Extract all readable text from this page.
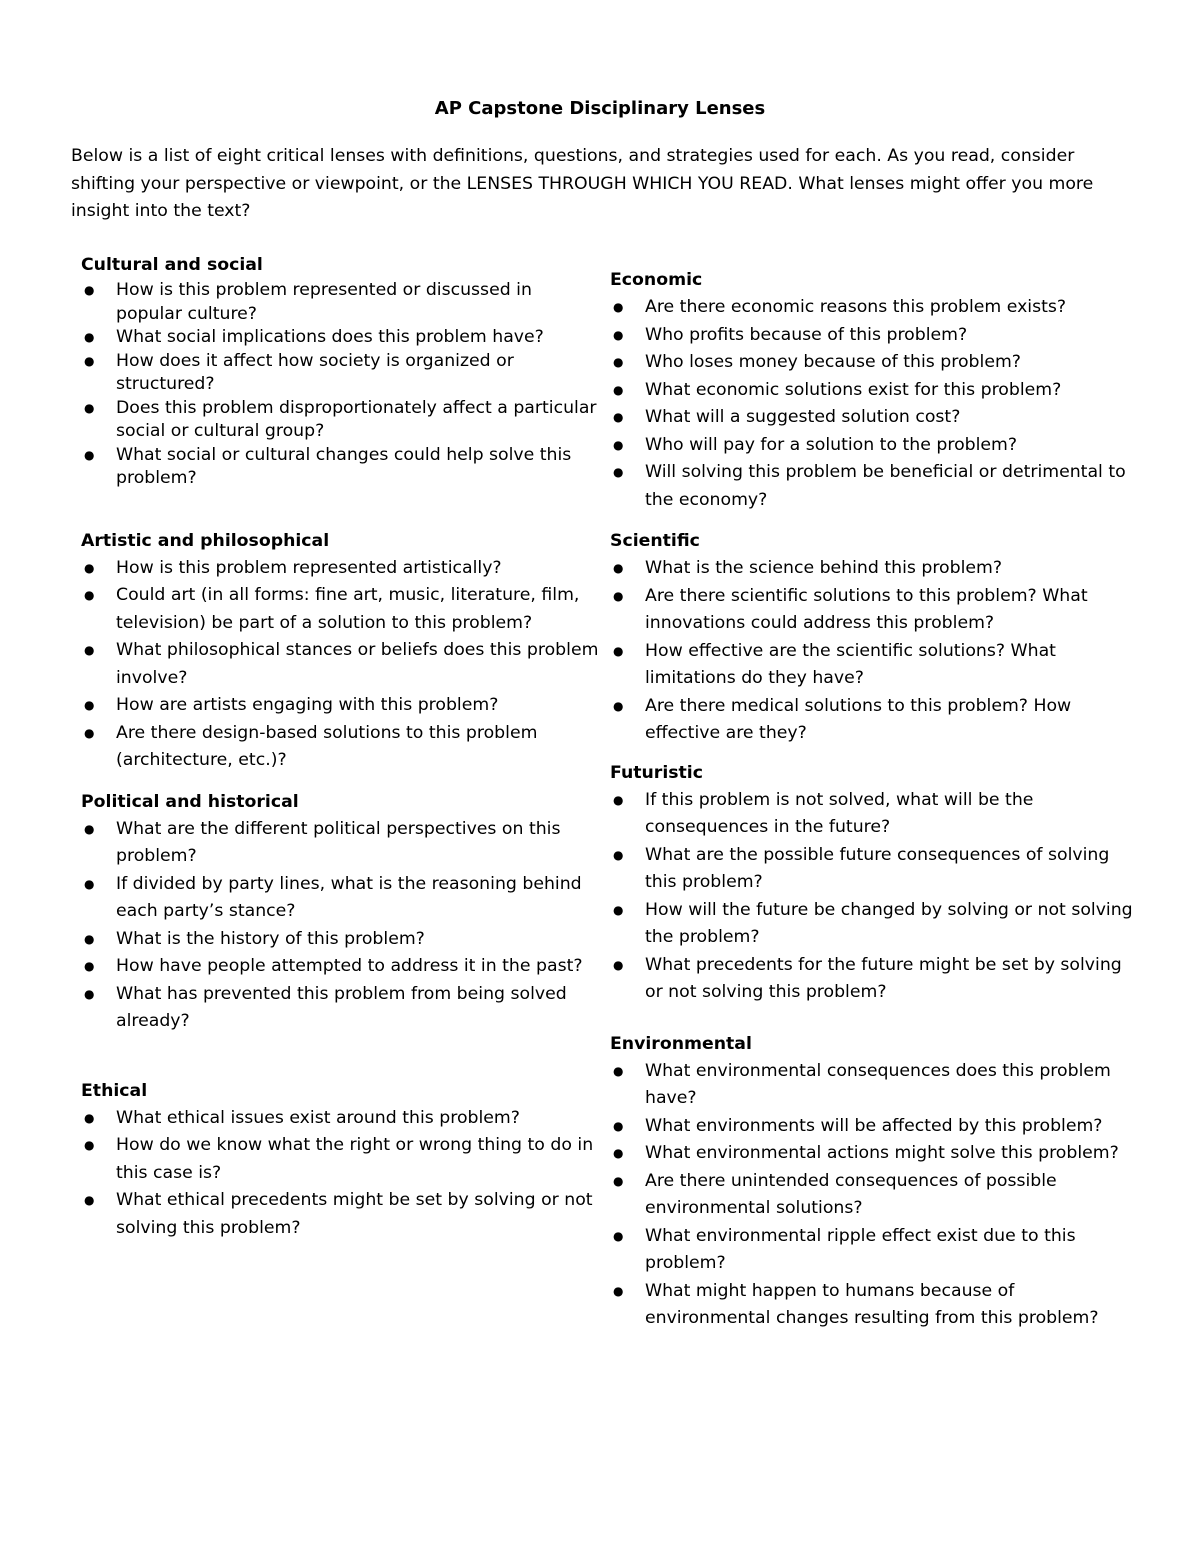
AP Capstone Disciplinary Lenses
Below is a list of eight critical lenses with definitions, questions, and strategies used for each. As you read, consider shifting your perspective or viewpoint, or the LENSES THROUGH WHICH YOU READ. What lenses might offer you more insight into the text?
Cultural and social
● How is this problem represented or discussed in popular culture?
● What social implications does this problem have?
● How does it affect how society is organized or structured?
● Does this problem disproportionately affect a particular social or cultural group?
● What social or cultural changes could help solve this problem?
Artistic and philosophical
● How is this problem represented artistically?
● Could art (in all forms: fine art, music, literature, film, television) be part of a solution to this problem?
● What philosophical stances or beliefs does this problem involve?
● How are artists engaging with this problem?
● Are there design-based solutions to this problem (architecture, etc.)?
Political and historical
● What are the different political perspectives on this problem?
● If divided by party lines, what is the reasoning behind each party’s stance?
● What is the history of this problem?
● How have people attempted to address it in the past?
● What has prevented this problem from being solved already?
Ethical
● What ethical issues exist around this problem?
● How do we know what the right or wrong thing to do in this case is?
● What ethical precedents might be set by solving or not solving this problem?
Economic
● Are there economic reasons this problem exists?
● Who profits because of this problem?
● Who loses money because of this problem?
● What economic solutions exist for this problem?
● What will a suggested solution cost?
● Who will pay for a solution to the problem?
● Will solving this problem be beneficial or detrimental to the economy?
Scientific
● What is the science behind this problem?
● Are there scientific solutions to this problem? What innovations could address this problem?
● How effective are the scientific solutions? What limitations do they have?
● Are there medical solutions to this problem? How effective are they?
Futuristic
● If this problem is not solved, what will be the consequences in the future?
● What are the possible future consequences of solving this problem?
● How will the future be changed by solving or not solving the problem?
● What precedents for the future might be set by solving or not solving this problem?
Environmental
● What environmental consequences does this problem have?
● What environments will be affected by this problem?
● What environmental actions might solve this problem?
● Are there unintended consequences of possible environmental solutions?
● What environmental ripple effect exist due to this problem?
● What might happen to humans because of environmental changes resulting from this problem?
